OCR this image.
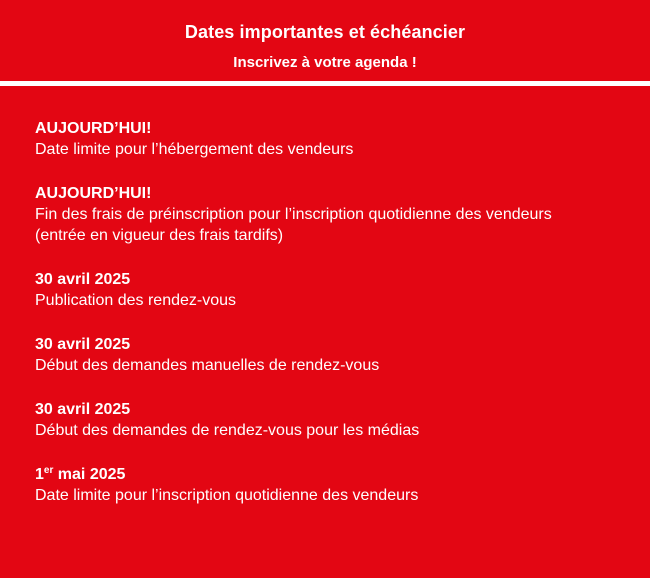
Dates importantes et échéancier
Inscrivez à votre agenda !
AUJOURD’HUI!
Date limite pour l’hébergement des vendeurs
AUJOURD’HUI!
Fin des frais de préinscription pour l’inscription quotidienne des vendeurs (entrée en vigueur des frais tardifs)
30 avril 2025
Publication des rendez-vous
30 avril 2025
Début des demandes manuelles de rendez-vous
30 avril 2025
Début des demandes de rendez-vous pour les médias
1er mai 2025
Date limite pour l’inscription quotidienne des vendeurs
